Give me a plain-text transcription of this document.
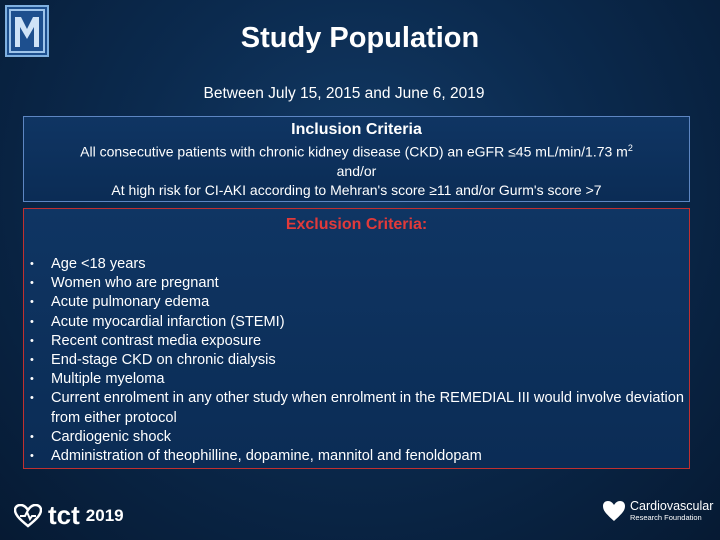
Study Population
Between July 15, 2015 and June 6, 2019
Inclusion Criteria
All consecutive patients with chronic kidney disease (CKD) an eGFR ≤45 mL/min/1.73 $m^2$
and/or
At high risk for CI-AKI according to Mehran's score ≥11 and/or Gurm's score >7
Exclusion Criteria:
• Age <18 years
• Women who are pregnant
• Acute pulmonary edema
• Acute myocardial infarction (STEMI)
• Recent contrast media exposure
• End-stage CKD on chronic dialysis
• Multiple myeloma
• Current enrolment in any other study when enrolment in the REMEDIAL III would involve deviation from either protocol
• Cardiogenic shock
• Administration of theophilline, dopamine, mannitol and fenoldopam
tct 2019	Cardiovascular
Research Foundation
